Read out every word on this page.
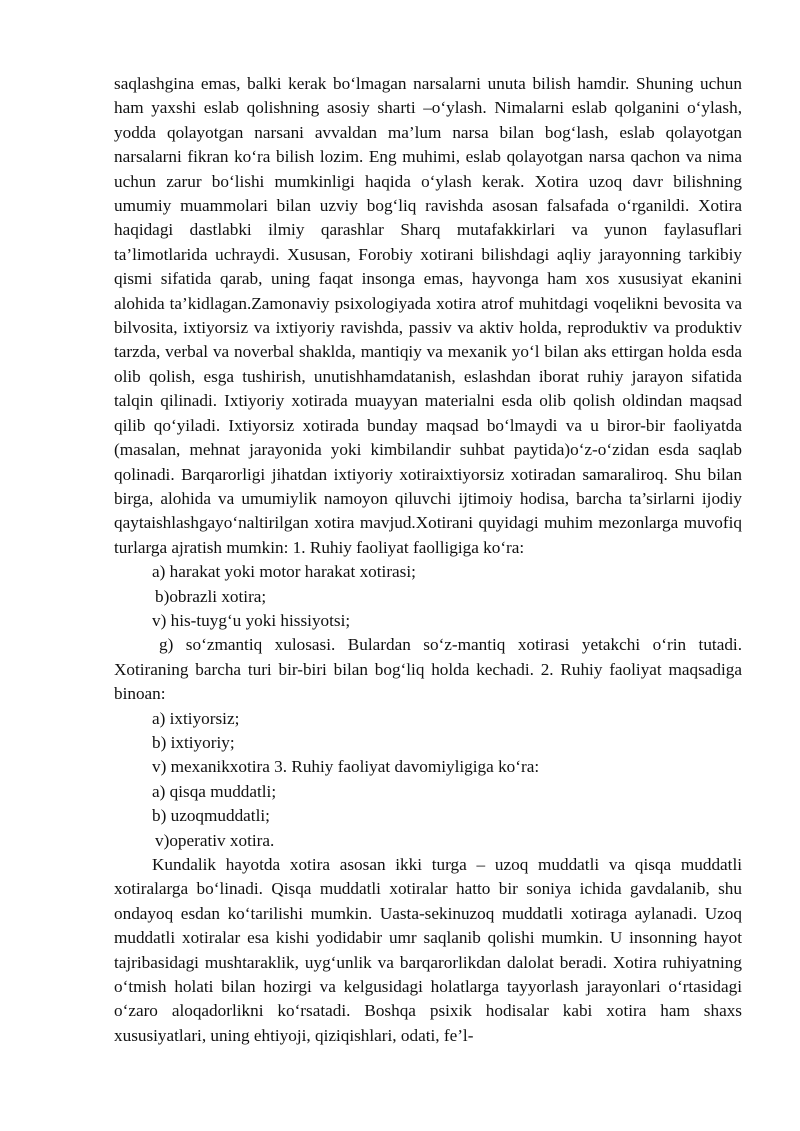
saqlashgina emas, balki kerak bo‘lmagan narsalarni unuta bilish hamdir. Shuning uchun ham yaxshi eslab qolishning asosiy sharti –o‘ylash. Nimalarni eslab qolganini o‘ylash, yodda qolayotgan narsani avvaldan ma’lum narsa bilan bog‘lash, eslab qolayotgan narsalarni fikran ko‘ra bilish lozim. Eng muhimi, eslab qolayotgan narsa qachon va nima uchun zarur bo‘lishi mumkinligi haqida o‘ylash kerak. Xotira uzoq davr bilishning umumiy muammolari bilan uzviy bog‘liq ravishda asosan falsafada o‘rganildi. Xotira haqidagi dastlabki ilmiy qarashlar Sharq mutafakkirlari va yunon faylasuflari ta’limotlarida uchraydi. Xususan, Forobiy xotirani bilishdagi aqliy jarayonning tarkibiy qismi sifatida qarab, uning faqat insonga emas, hayvonga ham xos xususiyat ekanini alohida ta’kidlagan.Zamonaviy psixologiyada xotira atrof muhitdagi voqelikni bevosita va bilvosita, ixtiyorsiz va ixtiyoriy ravishda, passiv va aktiv holda, reproduktiv va produktiv tarzda, verbal va noverbal shaklda, mantiqiy va mexanik yo‘l bilan aks ettirgan holda esda olib qolish, esga tushirish, unutishhamdatanish, eslashdan iborat ruhiy jarayon sifatida talqin qilinadi. Ixtiyoriy xotirada muayyan materialni esda olib qolish oldindan maqsad qilib qo‘yiladi. Ixtiyorsiz xotirada bunday maqsad bo‘lmaydi va u biror-bir faoliyatda (masalan, mehnat jarayonida yoki kimbilandir suhbat paytida)o‘z-o‘zidan esda saqlab qolinadi. Barqarorligi jihatdan ixtiyoriy xotiraixtiyorsiz xotiradan samaraliroq. Shu bilan birga, alohida va umumiylik namoyon qiluvchi ijtimoiy hodisa, barcha ta’sirlarni ijodiy qaytaishlashgayo‘naltirilgan xotira mavjud.Xotirani quyidagi muhim mezonlarga muvofiq turlarga ajratish mumkin: 1. Ruhiy faoliyat faolligiga ko‘ra:

a) harakat yoki motor harakat xotirasi;

b)obrazli xotira;

v) his-tuyg‘u yoki hissiyotsi;

g) so‘zmantiq xulosasi. Bulardan so‘z-mantiq xotirasi yetakchi o‘rin tutadi. Xotiraning barcha turi bir-biri bilan bog‘liq holda kechadi. 2. Ruhiy faoliyat maqsadiga binoan:

a) ixtiyorsiz;

b) ixtiyoriy;

v) mexanikxotira 3. Ruhiy faoliyat davomiyligiga ko‘ra:

a) qisqa muddatli;

b) uzoqmuddatli;

v)operativ xotira.

Kundalik hayotda xotira asosan ikki turga – uzoq muddatli va qisqa muddatli xotiralarga bo‘linadi. Qisqa muddatli xotiralar hatto bir soniya ichida gavdalanib, shu ondayoq esdan ko‘tarilishi mumkin. Uasta-sekinuzoq muddatli xotiraga aylanadi. Uzoq muddatli xotiralar esa kishi yodidabir umr saqlanib qolishi mumkin. U insonning hayot tajribasidagi mushtaraklik, uyg‘unlik va barqarorlikdan dalolat beradi. Xotira ruhiyatning o‘tmish holati bilan hozirgi va kelgusidagi holatlarga tayyorlash jarayonlari o‘rtasidagi o‘zaro aloqadorlikni ko‘rsatadi. Boshqa psixik hodisalar kabi xotira ham shaxs xususiyatlari, uning ehtiyoji, qiziqishlari, odati, fe’l-
